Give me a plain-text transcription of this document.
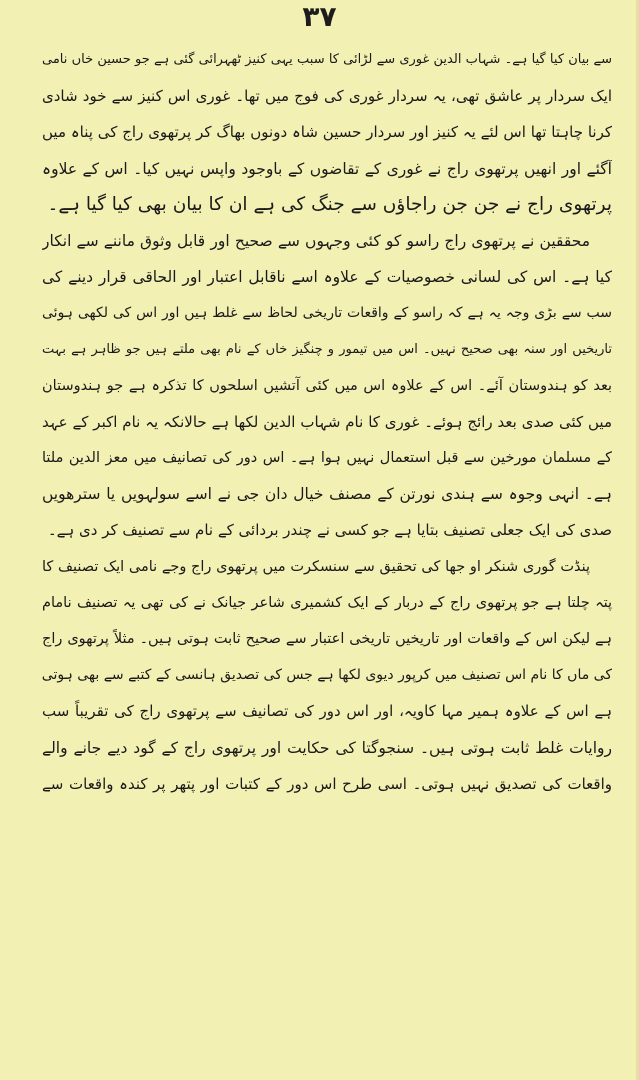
۳۷
سے بیان کیا گیا ہے۔ شہاب الدین غوری سے لڑائی کا سبب یہی کنیز ٹھہرائی گئی ہے جو حسین خاں نامی
ایک سردار پر عاشق تھی، یہ سردار غوری کی فوج میں تھا۔ غوری اس کنیز سے خود شادی
کرنا چاہتا تھا اس لئے یہ کنیز اور سردار حسین شاہ دونوں بھاگ کر پرتھوی راج کی پناہ میں
آگئے اور انھیں پرتھوی راج نے غوری کے تقاضوں کے باوجود واپس نہیں کیا۔ اس کے علاوہ
پرتھوی راج نے جن جن راجاؤں سے جنگ کی ہے ان کا بیان بھی کیا گیا ہے۔
محققین نے پرتھوی راج راسو کو کئی وجہوں سے صحیح اور قابل وثوق ماننے سے انکار
کیا ہے۔ اس کی لسانی خصوصیات کے علاوہ اسے ناقابل اعتبار اور الحاقی قرار دینے کی
سب سے بڑی وجہ یہ ہے کہ راسو کے واقعات تاریخی لحاظ سے غلط ہیں اور اس کی لکھی ہوئی
تاریخیں اور سنہ بھی صحیح نہیں۔ اس میں تیمور و چنگیز خاں کے نام بھی ملتے ہیں جو ظاہر ہے بہت
بعد کو ہندوستان آئے۔ اس کے علاوہ اس میں کئی آتشیں اسلحوں کا تذکرہ ہے جو ہندوستان
میں کئی صدی بعد رائج ہوئے۔ غوری کا نام شہاب الدین لکھا ہے حالانکہ یہ نام اکبر کے عہد
کے مسلمان مورخین سے قبل استعمال نہیں ہوا ہے۔ اس دور کی تصانیف میں معز الدین ملتا
ہے۔ انہی وجوہ سے ہندی نورتن کے مصنف خیال دان جی نے اسے سولہویں یا سترھویں
صدی کی ایک جعلی تصنیف بتایا ہے جو کسی نے چندر بردائی کے نام سے تصنیف کر دی ہے۔
پنڈت گوری شنکر او جھا کی تحقیق سے سنسکرت میں پرتھوی راج وجے نامی ایک تصنیف کا
پتہ چلتا ہے جو پرتھوی راج کے دربار کے ایک کشمیری شاعر جیانک نے کی تھی یہ تصنیف نامام
ہے لیکن اس کے واقعات اور تاریخیں تاریخی اعتبار سے صحیح ثابت ہوتی ہیں۔ مثلاً پرتھوی راج
کی ماں کا نام اس تصنیف میں کرپور دیوی لکھا ہے جس کی تصدیق ہانسی کے کتبے سے بھی ہوتی
ہے اس کے علاوہ ہمیر مہا کاویہ، اور اس دور کی تصانیف سے پرتھوی راج کی تقریباً سب
روایات غلط ثابت ہوتی ہیں۔ سنجوگتا کی حکایت اور پرتھوی راج کے گود دیے جانے والے
واقعات کی تصدیق نہیں ہوتی۔ اسی طرح اس دور کے کتبات اور پتھر پر کندہ واقعات سے
